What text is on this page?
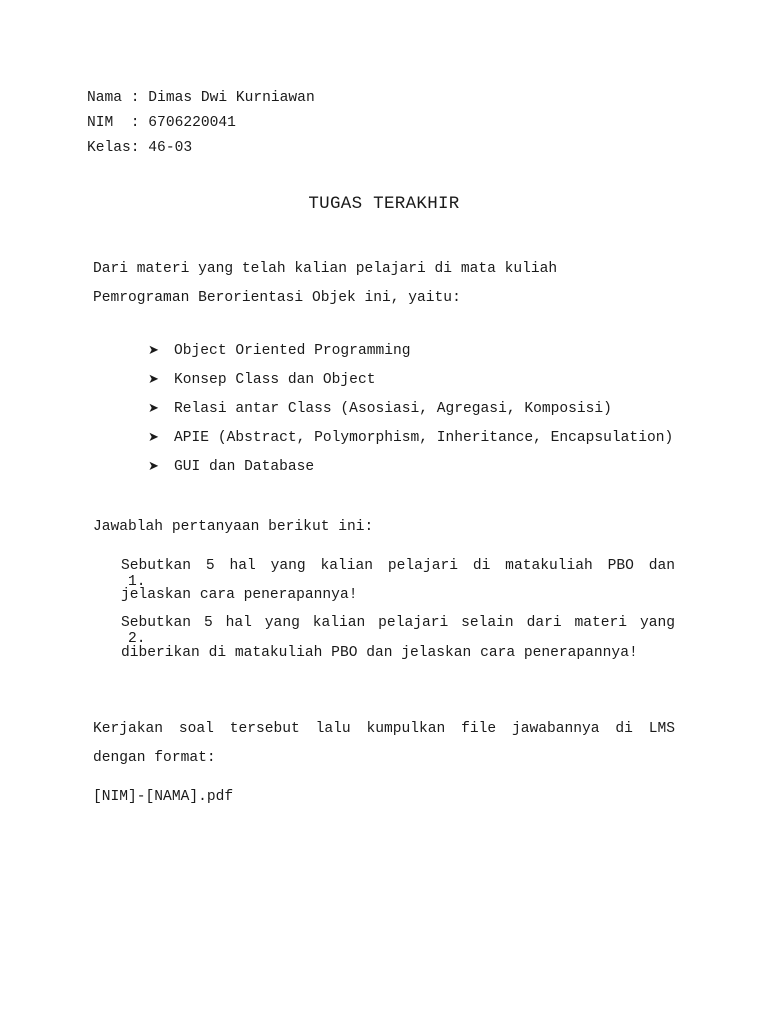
Nama : Dimas Dwi Kurniawan
NIM  : 6706220041
Kelas: 46-03
TUGAS TERAKHIR
Dari materi yang telah kalian pelajari di mata kuliah
Pemrograman Berorientasi Objek ini, yaitu:

➤ Object Oriented Programming

➤ Konsep Class dan Object

➤ Relasi antar Class (Asosiasi, Agregasi, Komposisi)

➤ APIE (Abstract, Polymorphism, Inheritance, Encapsulation)

➤ GUI dan Database

Jawablah pertanyaan berikut ini:

1.

Sebutkan 5 hal yang kalian pelajari di matakuliah PBO dan
jelaskan cara penerapannya!

2.

Sebutkan 5 hal yang kalian pelajari selain dari materi yang
diberikan di matakuliah PBO dan jelaskan cara penerapannya!
Kerjakan soal tersebut lalu kumpulkan file jawabannya di LMS
dengan format:
[NIM]-[NAMA].pdf
